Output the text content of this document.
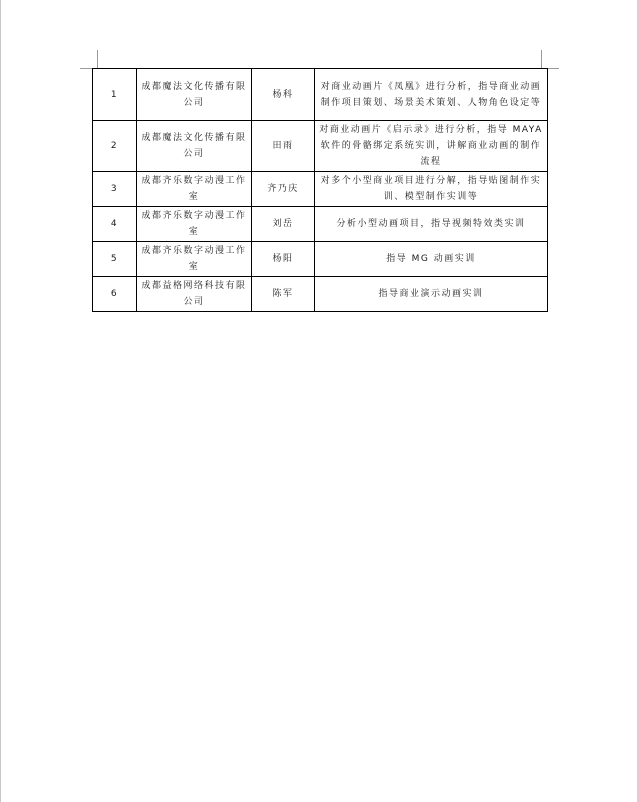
1	成都魔法文化传播有限公司	杨科	对商业动画片《凤凰》进行分析，指导商业动画制作项目策划、场景美术策划、人物角色设定等
2	成都魔法文化传播有限公司	田雨	对商业动画片《启示录》进行分析，指导 MAYA 软件的骨骼绑定系统实训，讲解商业动画的制作流程
3	成都齐乐数字动漫工作室	齐乃庆	对多个小型商业项目进行分解，指导贴图制作实训、模型制作实训等
4	成都齐乐数字动漫工作室	刘岳	分析小型动画项目，指导视频特效类实训
5	成都齐乐数字动漫工作室	杨阳	指导 MG 动画实训
6	成都益格网络科技有限公司	陈军	指导商业演示动画实训
